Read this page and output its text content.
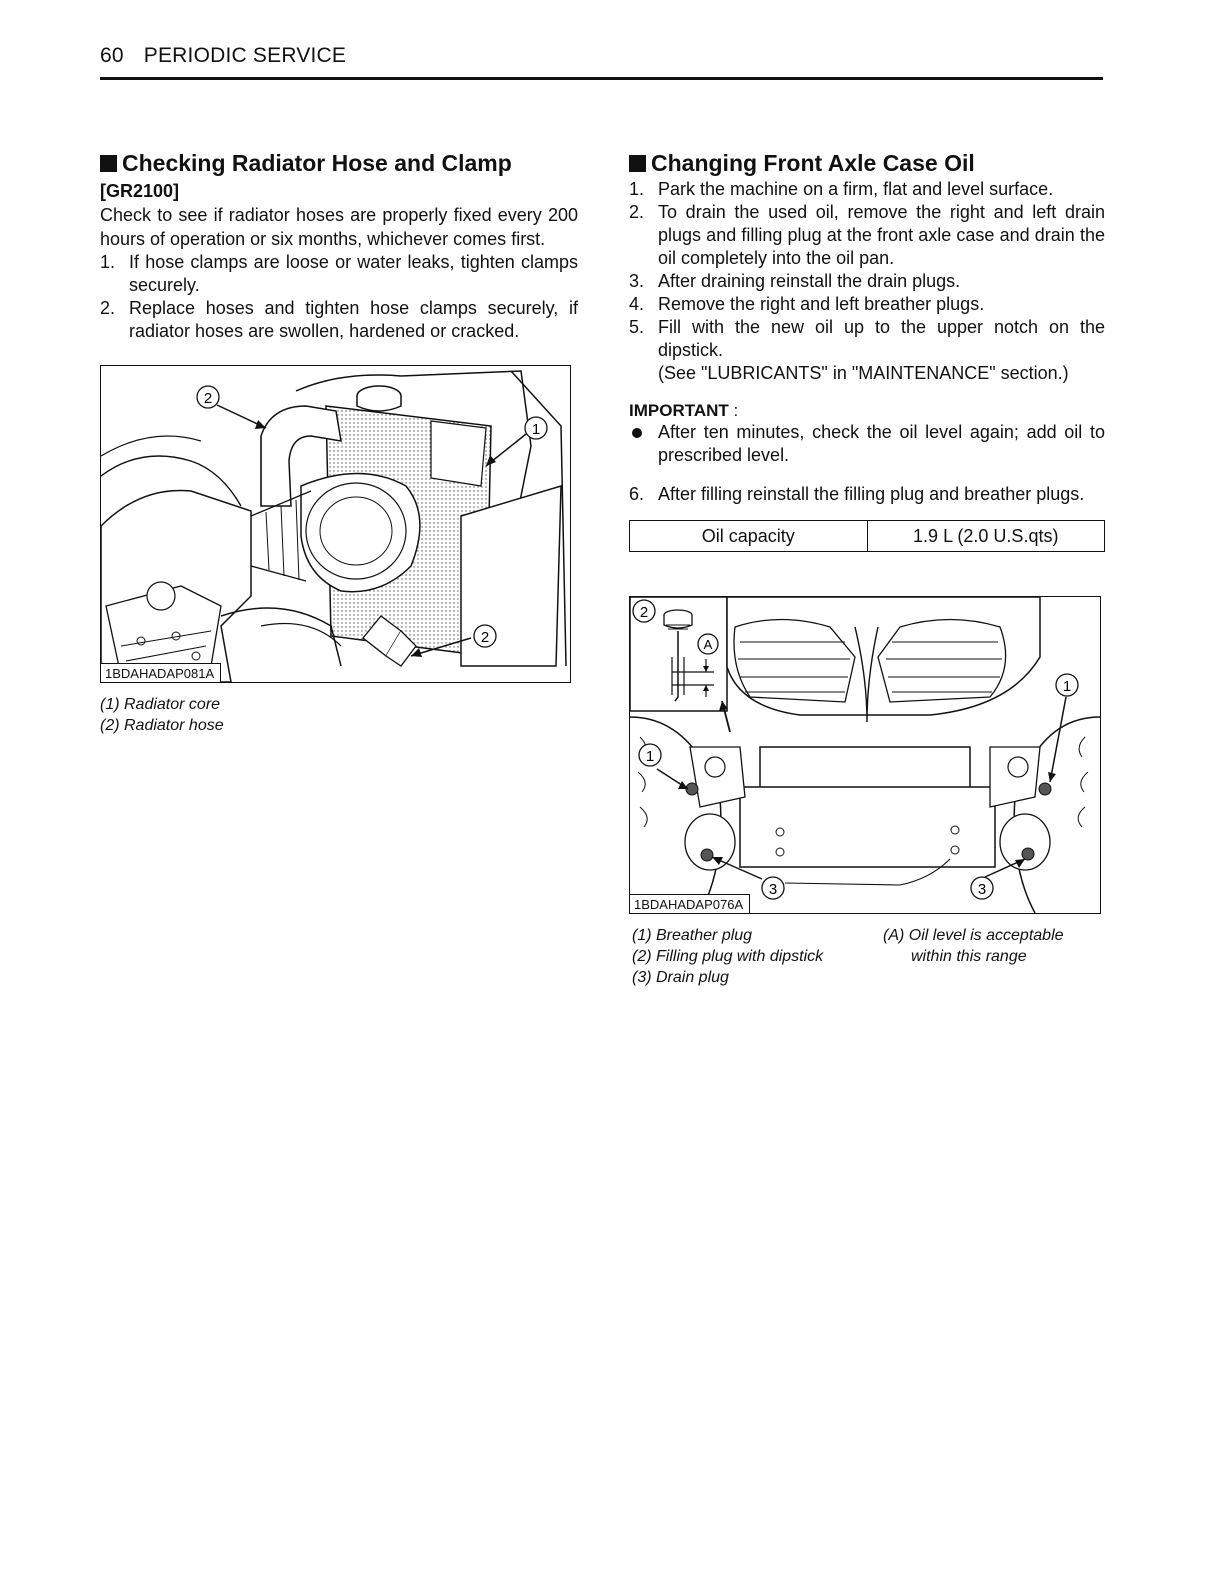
60 PERIODIC SERVICE
Checking Radiator Hose and Clamp
[GR2100]

Check to see if radiator hoses are properly fixed every 200 hours of operation or six months, whichever comes first.

1. If hose clamps are loose or water leaks, tighten clamps securely.
2. Replace hoses and tighten hose clamps securely, if radiator hoses are swollen, hardened or cracked.
2
1
2
1BDAHADAP081A
(1) Radiator core
(2) Radiator hose
Changing Front Axle Case Oil
1. Park the machine on a firm, flat and level surface.
2. To drain the used oil, remove the right and left drain plugs and filling plug at the front axle case and drain the oil completely into the oil pan.
3. After draining reinstall the drain plugs.
4. Remove the right and left breather plugs.
5. Fill with the new oil up to the upper notch on the dipstick.
(See "LUBRICANTS" in "MAINTENANCE" section.)
IMPORTANT :
After ten minutes, check the oil level again; add oil to prescribed level.
6. After filling reinstall the filling plug and breather plugs.
Oil capacity	1.9 L (2.0 U.S.qts)
2
A
1
1
3	3
1BDAHADAP076A
(1) Breather plug
(2) Filling plug with dipstick
(3) Drain plug
(A) Oil level is acceptable
within this range
